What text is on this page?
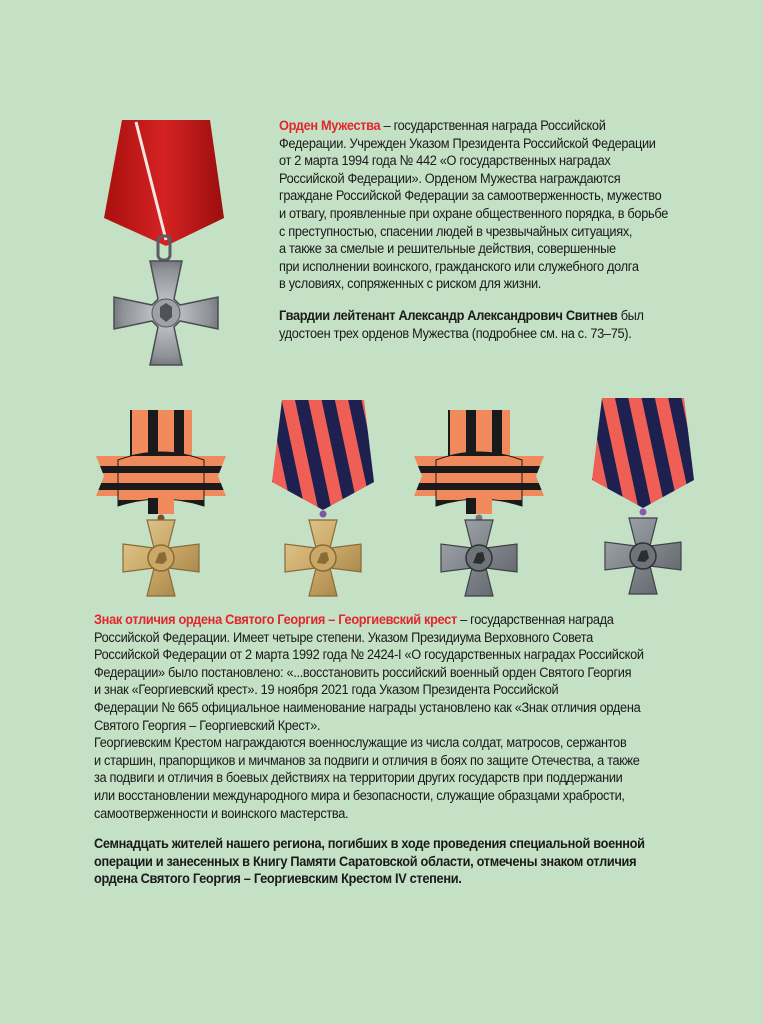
Орден Мужества – государственная награда Российской
Федерации. Учрежден Указом Президента Российской Федерации
от 2 марта 1994 года № 442 «О государственных наградах
Российской Федерации». Орденом Мужества награждаются
граждане Российской Федерации за самоотверженность, мужество
и отвагу, проявленные при охране общественного порядка, в борьбе
с преступностью, спасении людей в чрезвычайных ситуациях,
а также за смелые и решительные действия, совершенные
при исполнении воинского, гражданского или служебного долга
в условиях, сопряженных с риском для жизни.
Гвардии лейтенант Александр Александрович Свитнев был
удостоен трех орденов Мужества (подробнее см. на с. 73–75).
Знак отличия ордена Святого Георгия – Георгиевский крест – государственная награда
Российской Федерации. Имеет четыре степени. Указом Президиума Верховного Совета
Российской Федерации от 2 марта 1992 года № 2424-I «О государственных наградах Российской
Федерации» было постановлено: «...восстановить российский военный орден Святого Георгия
и знак «Георгиевский крест». 19 ноября 2021 года Указом Президента Российской
Федерации № 665 официальное наименование награды установлено как «Знак отличия ордена
Святого Георгия – Георгиевский Крест».
Георгиевским Крестом награждаются военнослужащие из числа солдат, матросов, сержантов
и старшин, прапорщиков и мичманов за подвиги и отличия в боях по защите Отечества, а также
за подвиги и отличия в боевых действиях на территории других государств при поддержании
или восстановлении международного мира и безопасности, служащие образцами храбрости,
самоотверженности и воинского мастерства.
Семнадцать жителей нашего региона, погибших в ходе проведения специальной военной
операции и занесенных в Книгу Памяти Саратовской области, отмечены знаком отличия
ордена Святого Георгия – Георгиевским Крестом IV степени.
